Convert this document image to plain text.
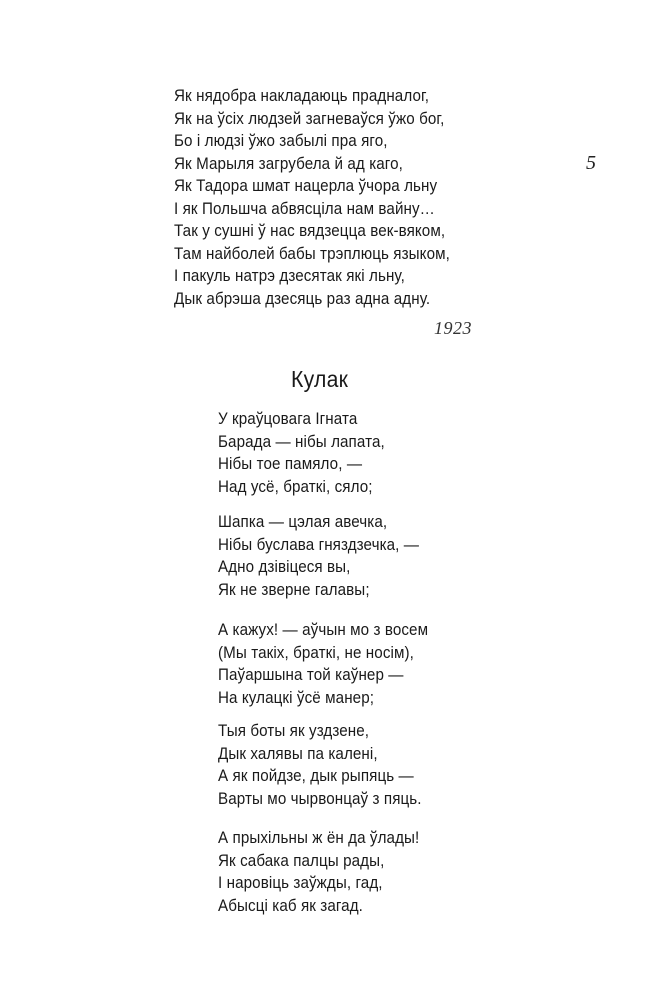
Як нядобра накладаюць прадналог,
Як на ўсіх людзей загневаўся ўжо бог,
Бо і людзі ўжо забылі пра яго,
Як Марыля загрубела й ад каго,
Як Тадора шмат нацерла ўчора льну
І як Польшча абвясціла нам вайну…
Так у сушні ў нас вядзецца век-вяком,
Там найболей бабы трэплюць языком,
І пакуль натрэ дзесятак які льну,
Дык абрэша дзесяць раз адна адну.
5
1923
Кулак
У краўцовага Ігната
Барада — нібы лапата,
Нібы тое памяло, —
Над усё, браткі, сяло;
Шапка — цэлая авечка,
Нібы буслава гняздзечка, —
Адно дзівіцеся вы,
Як не зверне галавы;
А кажух! — аўчын мо з восем
(Мы такіх, браткі, не носім),
Паўаршына той каўнер —
На кулацкі ўсё манер;
Тыя боты як уздзене,
Дык халявы па калені,
А як пойдзе, дык рыпяць —
Варты мо чырвонцаў з пяць.
А прыхільны ж ён да ўлады!
Як сабака палцы рады,
І наровіць заўжды, гад,
Абысці каб як загад.
